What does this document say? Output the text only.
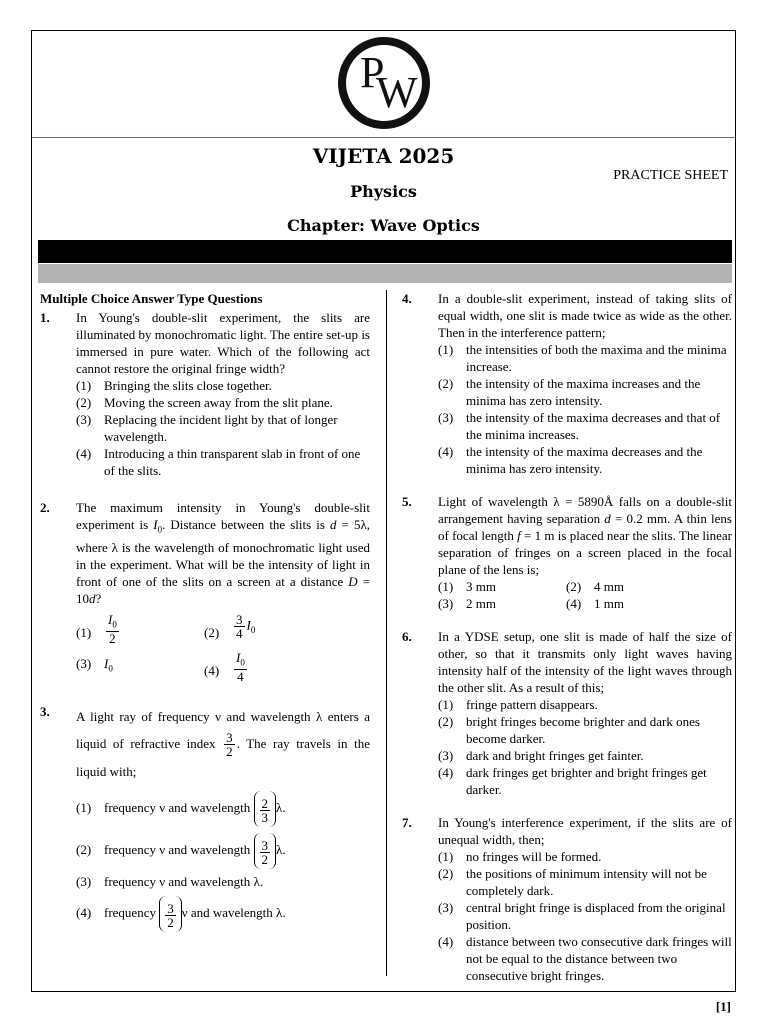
P
W
VIJETA 2025
PRACTICE SHEET
Physics
Chapter: Wave Optics
Multiple Choice Answer Type Questions
1. In Young's double-slit experiment, the slits are illuminated by monochromatic light. The entire set-up is immersed in pure water. Which of the following act cannot restore the original fringe width?
(1) Bringing the slits close together.
(2) Moving the screen away from the slit plane.
(3) Replacing the incident light by that of longer wavelength.
(4) Introducing a thin transparent slab in front of one of the slits.
2. The maximum intensity in Young's double-slit experiment is $I_0$. Distance between the slits is d = 5λ, where λ is the wavelength of monochromatic light used in the experiment. What will be the intensity of light in front of one of the slits on a screen at a distance D = 10d?
$(1) \frac{I_0}{2}$	$(2) \frac{3}{4} I_0$
(3) $I_0$	$(4) \frac{I_0}{4}$
3. A light ray of frequency ν and wavelength λ enters a liquid of refractive index $\frac{3}{2}$ . The ray travels in the liquid with;
(1) frequency ν and wavelength $\frac{2}{3} \lambda$.
(2) frequency ν and wavelength $\frac{3}{2} \lambda$.
(3) frequency ν and wavelength λ.
(4) frequency $\frac{3}{2}$ ν and wavelength λ.
4. In a double-slit experiment, instead of taking slits of equal width, one slit is made twice as wide as the other. Then in the interference pattern;
(1) the intensities of both the maxima and the minima increase.
(2) the intensity of the maxima increases and the minima has zero intensity.
(3) the intensity of the maxima decreases and that of the minima increases.
(4) the intensity of the maxima decreases and the minima has zero intensity.
5. Light of wavelength λ = 5890Å falls on a double-slit arrangement having separation d = 0.2 mm. A thin lens of focal length f = 1 m is placed near the slits. The linear separation of fringes on a screen placed in the focal plane of the lens is;
(1) 3 mm	(2) 4 mm
(3) 2 mm	(4) 1 mm
6. In a YDSE setup, one slit is made of half the size of other, so that it transmits only light waves having intensity half of the intensity of the light waves through the other slit. As a result of this;
(1) fringe pattern disappears.
(2) bright fringes become brighter and dark ones become darker.
(3) dark and bright fringes get fainter.
(4) dark fringes get brighter and bright fringes get darker.
7. In Young's interference experiment, if the slits are of unequal width, then;
(1) no fringes will be formed.
(2) the positions of minimum intensity will not be completely dark.
(3) central bright fringe is displaced from the original position.
(4) distance between two consecutive dark fringes will not be equal to the distance between two consecutive bright fringes.
[1]
